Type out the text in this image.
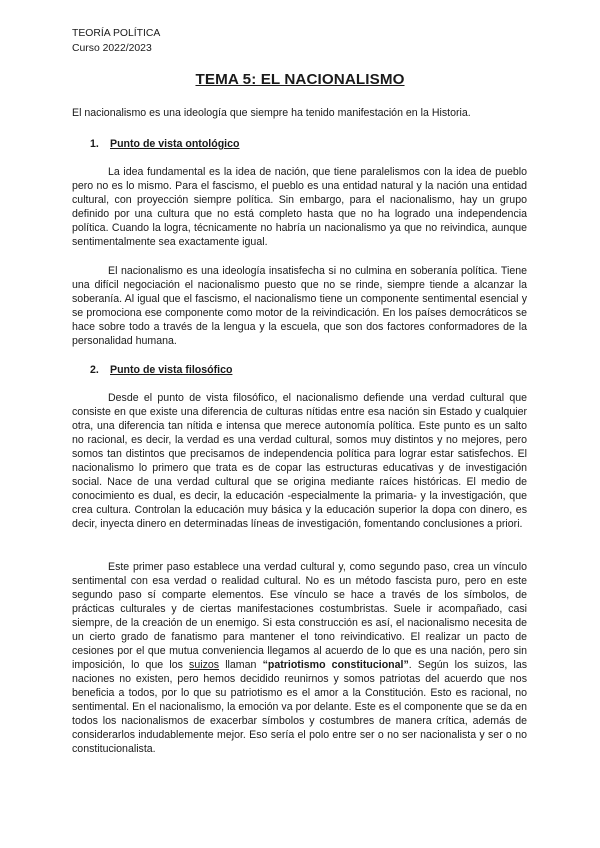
TEORÍA POLÍTICA
Curso 2022/2023
TEMA 5: EL NACIONALISMO
El nacionalismo es una ideología que siempre ha tenido manifestación en la Historia.
1. Punto de vista ontológico

La idea fundamental es la idea de nación, que tiene paralelismos con la idea de pueblo pero no es lo mismo. Para el fascismo, el pueblo es una entidad natural y la nación una entidad cultural, con proyección siempre política. Sin embargo, para el nacionalismo, hay un grupo definido por una cultura que no está completo hasta que no ha logrado una independencia política. Cuando la logra, técnicamente no habría un nacionalismo ya que no reivindica, aunque sentimentalmente sea exactamente igual.

El nacionalismo es una ideología insatisfecha si no culmina en soberanía política. Tiene una difícil negociación el nacionalismo puesto que no se rinde, siempre tiende a alcanzar la soberanía. Al igual que el fascismo, el nacionalismo tiene un componente sentimental esencial y se promociona ese componente como motor de la reivindicación. En los países democráticos se hace sobre todo a través de la lengua y la escuela, que son dos factores conformadores de la personalidad humana.

2. Punto de vista filosófico

Desde el punto de vista filosófico, el nacionalismo defiende una verdad cultural que consiste en que existe una diferencia de culturas nítidas entre esa nación sin Estado y cualquier otra, una diferencia tan nítida e intensa que merece autonomía política. Este punto es un salto no racional, es decir, la verdad es una verdad cultural, somos muy distintos y no mejores, pero somos tan distintos que precisamos de independencia política para lograr estar satisfechos. El nacionalismo lo primero que trata es de copar las estructuras educativas y de investigación social. Nace de una verdad cultural que se origina mediante raíces históricas. El medio de conocimiento es dual, es decir, la educación -especialmente la primaria- y la investigación, que crea cultura. Controlan la educación muy básica y la educación superior la dopa con dinero, es decir, inyecta dinero en determinadas líneas de investigación, fomentando conclusiones a priori.

Este primer paso establece una verdad cultural y, como segundo paso, crea un vínculo sentimental con esa verdad o realidad cultural. No es un método fascista puro, pero en este segundo paso sí comparte elementos. Ese vínculo se hace a través de los símbolos, de prácticas culturales y de ciertas manifestaciones costumbristas. Suele ir acompañado, casi siempre, de la creación de un enemigo. Si esta construcción es así, el nacionalismo necesita de un cierto grado de fanatismo para mantener el tono reivindicativo. El realizar un pacto de cesiones por el que mutua conveniencia llegamos al acuerdo de lo que es una nación, pero sin imposición, lo que los suizos llaman “patriotismo constitucional”. Según los suizos, las naciones no existen, pero hemos decidido reunirnos y somos patriotas del acuerdo que nos beneficia a todos, por lo que su patriotismo es el amor a la Constitución. Esto es racional, no sentimental. En el nacionalismo, la emoción va por delante. Este es el componente que se da en todos los nacionalismos de exacerbar símbolos y costumbres de manera crítica, además de considerarlos indudablemente mejor. Eso sería el polo entre ser o no ser nacionalista y ser o no constitucionalista.
